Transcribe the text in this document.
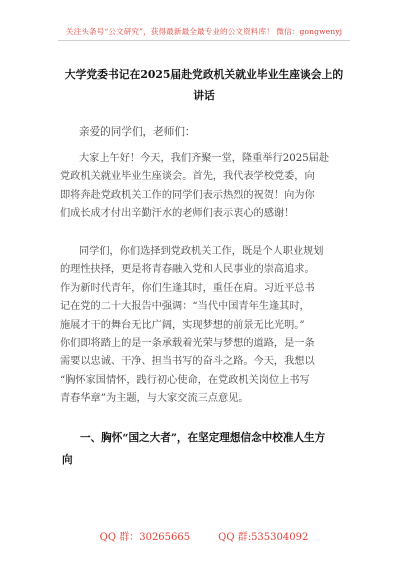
关注头条号“公文研究”，获得最新最全最专业的公文资料库！ 微信：gongwenyj
大学党委书记在2025届赴党政机关就业毕业生座谈会上的
讲话
亲爱的同学们，老师们：
大家上午好！今天，我们齐聚一堂，隆重举行2025届赴
党政机关就业毕业生座谈会。首先，我代表学校党委，向
即将奔赴党政机关工作的同学们表示热烈的祝贺！向为你
们成长成才付出辛勤汗水的老师们表示衷心的感谢！
同学们，你们选择到党政机关工作，既是个人职业规划
的理性抉择，更是将青春融入党和人民事业的崇高追求。
作为新时代青年，你们生逢其时，重任在肩。习近平总书
记在党的二十大报告中强调：“当代中国青年生逢其时，
施展才干的舞台无比广阔，实现梦想的前景无比光明。”
你们即将踏上的是一条承载着光荣与梦想的道路，是一条
需要以忠诚、干净、担当书写的奋斗之路。今天，我想以
“胸怀家国情怀，践行初心使命，在党政机关岗位上书写
青春华章”为主题，与大家交流三点意见。
一、胸怀“国之大者”，在坚定理想信念中校准人生方
向
QQ 群：30265665	QQ 群:535304092
